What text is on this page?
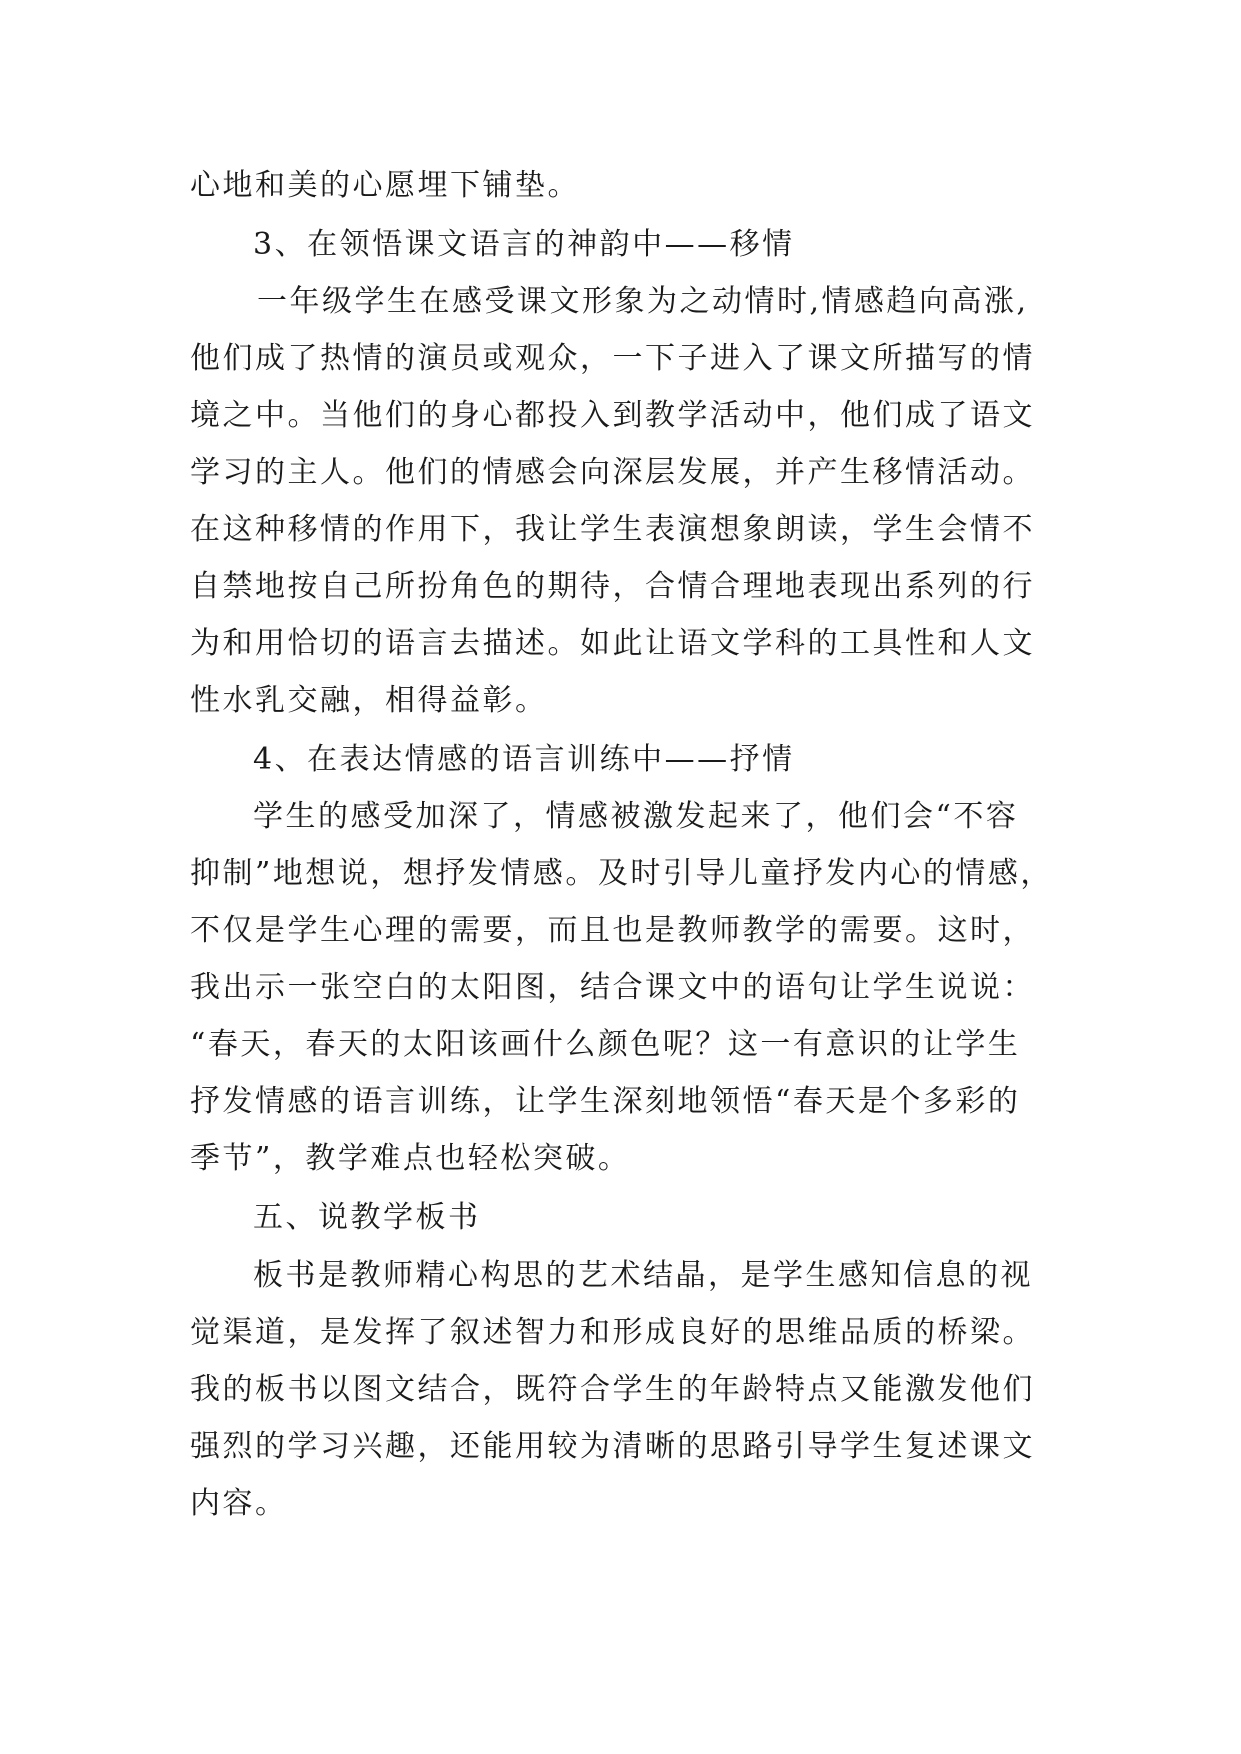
心地和美的心愿埋下铺垫。
3、在领悟课文语言的神韵中——移情
一年级学生在感受课文形象为之动情时,情感趋向高涨,
他们成了热情的演员或观众，一下子进入了课文所描写的情
境之中。当他们的身心都投入到教学活动中，他们成了语文
学习的主人。他们的情感会向深层发展，并产生移情活动。
在这种移情的作用下，我让学生表演想象朗读，学生会情不
自禁地按自己所扮角色的期待，合情合理地表现出系列的行
为和用恰切的语言去描述。如此让语文学科的工具性和人文
性水乳交融，相得益彰。
4、在表达情感的语言训练中——抒情
学生的感受加深了，情感被激发起来了，他们会“不容
抑制”地想说，想抒发情感。及时引导儿童抒发内心的情感，
不仅是学生心理的需要，而且也是教师教学的需要。这时，
我出示一张空白的太阳图，结合课文中的语句让学生说说：
“春天，春天的太阳该画什么颜色呢？这一有意识的让学生
抒发情感的语言训练，让学生深刻地领悟“春天是个多彩的
季节”，教学难点也轻松突破。
五、说教学板书
板书是教师精心构思的艺术结晶，是学生感知信息的视
觉渠道，是发挥了叙述智力和形成良好的思维品质的桥梁。
我的板书以图文结合，既符合学生的年龄特点又能激发他们
强烈的学习兴趣，还能用较为清晰的思路引导学生复述课文
内容。
